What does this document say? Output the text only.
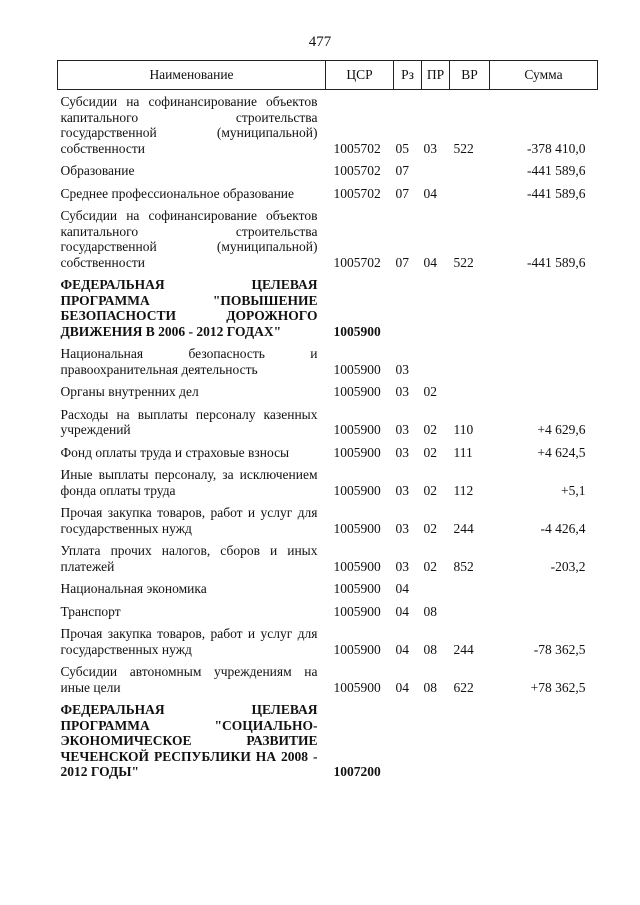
477
Наименование	ЦСР	Рз	ПР	ВР	Сумма
Субсидии на софинансирование объектов капитального строительства государственной (муниципальной) собственности	1005702	05	03	522	-378 410,0
Образование	1005702	07			-441 589,6
Среднее профессиональное образование	1005702	07	04		-441 589,6
Субсидии на софинансирование объектов капитального строительства государственной (муниципальной) собственности	1005702	07	04	522	-441 589,6
ФЕДЕРАЛЬНАЯ ЦЕЛЕВАЯ ПРОГРАММА "ПОВЫШЕНИЕ БЕЗОПАСНОСТИ ДОРОЖНОГО ДВИЖЕНИЯ В 2006 - 2012 ГОДАХ"	1005900				
Национальная безопасность и правоохранительная деятельность	1005900	03			
Органы внутренних дел	1005900	03	02		
Расходы на выплаты персоналу казенных учреждений	1005900	03	02	110	+4 629,6
Фонд оплаты труда и страховые взносы	1005900	03	02	111	+4 624,5
Иные выплаты персоналу, за исключением фонда оплаты труда	1005900	03	02	112	+5,1
Прочая закупка товаров, работ и услуг для государственных нужд	1005900	03	02	244	-4 426,4
Уплата прочих налогов, сборов и иных платежей	1005900	03	02	852	-203,2
Национальная экономика	1005900	04			
Транспорт	1005900	04	08		
Прочая закупка товаров, работ и услуг для государственных нужд	1005900	04	08	244	-78 362,5
Субсидии автономным учреждениям на иные цели	1005900	04	08	622	+78 362,5
ФЕДЕРАЛЬНАЯ ЦЕЛЕВАЯ ПРОГРАММА "СОЦИАЛЬНО-ЭКОНОМИЧЕСКОЕ РАЗВИТИЕ ЧЕЧЕНСКОЙ РЕСПУБЛИКИ НА 2008 - 2012 ГОДЫ"	1007200				
